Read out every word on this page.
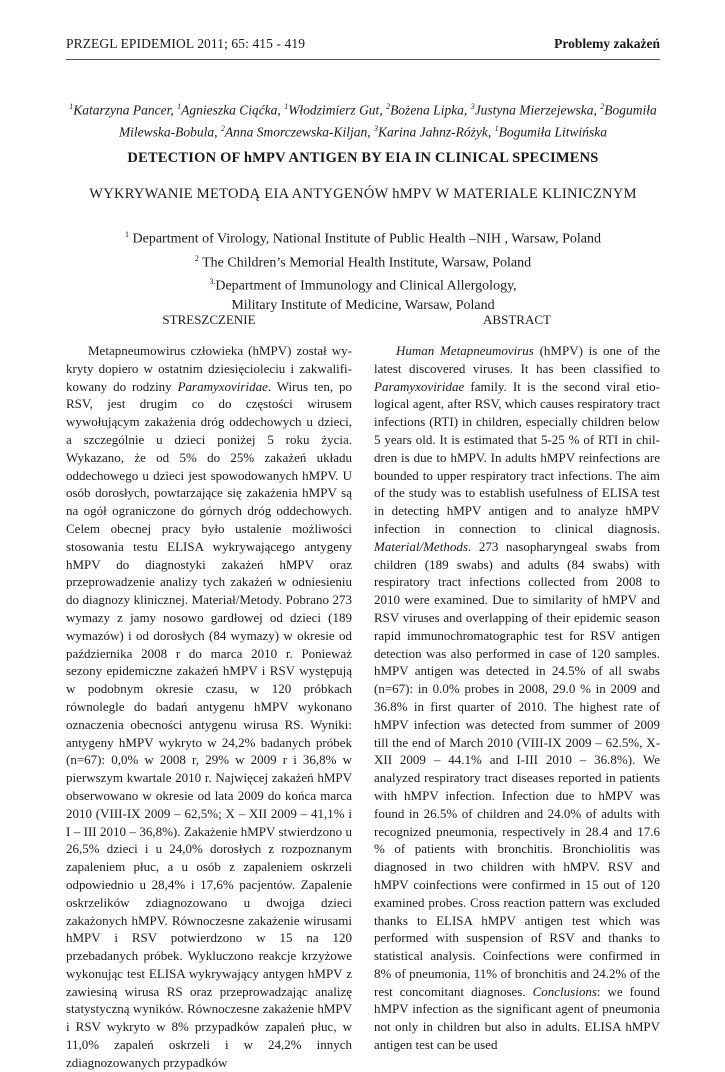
PRZEGL EPIDEMIOL 2011; 65: 415 - 419	Problemy zakażeń
$^1$Katarzyna Pancer, $^1$Agnieszka Ciąćka, $^1$Włodzimierz Gut, $^2$Bożena Lipka, $^3$Justyna Mierzejewska, $^2$Bogumiła
Milewska-Bobula, $^2$Anna Smorczewska-Kiljan, $^3$Karina Jahnz-Różyk, $^1$Bogumiła Litwińska
DETECTION OF hMPV ANTIGEN BY EIA IN CLINICAL SPECIMENS
WYKRYWANIE METODĄ EIA ANTYGENÓW hMPV W MATERIALE KLINICZNYM
$^1$ Department of Virology, National Institute of Public Health –NIH , Warsaw, Poland
$^2$ The Children’s Memorial Health Institute, Warsaw, Poland
$^{3.}$Department of Immunology and Clinical Allergology,
Military Institute of Medicine, Warsaw, Poland
STRESZCZENIE	ABSTRACT

Metapneumowirus człowieka (hMPV) został wykryty dopiero w ostatnim dziesięcioleciu i zakwalifikowany do rodziny Paramyxoviridae. Wirus ten, po RSV, jest drugim co do częstości wirusem wywołującym zakażenia dróg oddechowych u dzieci, a szczególnie u dzieci poniżej 5 roku życia. Wykazano, że od 5% do 25% zakażeń układu oddechowego u dzieci jest spowodowanych hMPV. U osób dorosłych, powtarzające się zakażenia hMPV są na ogół ograniczone do górnych dróg oddechowych. Celem obecnej pracy było ustalenie możliwości stosowania testu ELISA wykrywającego antygeny hMPV do diagnostyki zakażeń hMPV oraz przeprowadzenie analizy tych zakażeń w odniesieniu do diagnozy klinicznej. Materiał/Metody. Pobrano 273 wymazy z jamy nosowo gardłowej od dzieci (189 wymazów) i od dorosłych (84 wymazy) w okresie od października 2008 r do marca 2010 r. Ponieważ sezony epidemiczne zakażeń hMPV i RSV występują w podobnym okresie czasu, w 120 próbkach równolegle do badań antygenu hMPV wykonano oznaczenia obecności antygenu wirusa RS. Wyniki: antygeny hMPV wykryto w 24,2% badanych próbek (n=67): 0,0% w 2008 r, 29% w 2009 r i 36,8% w pierwszym kwartale 2010 r. Najwięcej zakażeń hMPV obserwowano w okresie od lata 2009 do końca marca 2010 (VIII-IX 2009 – 62,5%; X – XII 2009 – 41,1% i I – III 2010 – 36,8%). Zakażenie hMPV stwierdzono u 26,5% dzieci i u 24,0% dorosłych z rozpoznanym zapaleniem płuc, a u osób z zapaleniem oskrzeli odpowiednio u 28,4% i 17,6% pacjentów. Zapalenie oskrzelików zdiagnozowano u dwojga dzieci zakażonych hMPV. Równoczesne zakażenie wirusami hMPV i RSV potwierdzono w 15 na 120 przebadanych próbek. Wykluczono reakcje krzyżowe wykonując test ELISA wykrywający antygen hMPV z zawiesiną wirusa RS oraz przeprowadzając analizę statystyczną wyników. Równoczesne zakażenie hMPV i RSV wykryto w 8% przypadków zapaleń płuc, w 11,0% zapaleń oskrzeli i w 24,2% innych zdiagnozowanych przypadków

Human Metapneumovirus (hMPV) is one of the latest discovered viruses. It has been classified to Paramyxoviridae family. It is the second viral etiological agent, after RSV, which causes respiratory tract infections (RTI) in children, especially children below 5 years old. It is estimated that 5-25 % of RTI in children is due to hMPV. In adults hMPV reinfections are bounded to upper respiratory tract infections. The aim of the study was to establish usefulness of ELISA test in detecting hMPV antigen and to analyze hMPV infection in connection to clinical diagnosis. Material/Methods. 273 nasopharyngeal swabs from children (189 swabs) and adults (84 swabs) with respiratory tract infections collected from 2008 to 2010 were examined. Due to similarity of hMPV and RSV viruses and overlapping of their epidemic season rapid immunochromatographic test for RSV antigen detection was also performed in case of 120 samples. hMPV antigen was detected in 24.5% of all swabs (n=67): in 0.0% probes in 2008, 29.0 % in 2009 and 36.8% in first quarter of 2010. The highest rate of hMPV infection was detected from summer of 2009 till the end of March 2010 (VIII-IX 2009 – 62.5%, X-XII 2009 – 44.1% and I-III 2010 – 36.8%). We analyzed respiratory tract diseases reported in patients with hMPV infection. Infection due to hMPV was found in 26.5% of children and 24.0% of adults with recognized pneumonia, respectively in 28.4 and 17.6 % of patients with bronchitis. Bronchiolitis was diagnosed in two children with hMPV. RSV and hMPV coinfections were confirmed in 15 out of 120 examined probes. Cross reaction pattern was excluded thanks to ELISA hMPV antigen test which was performed with suspension of RSV and thanks to statistical analysis. Coinfections were confirmed in 8% of pneumonia, 11% of bronchitis and 24.2% of the rest concomitant diagnoses. Conclusions: we found hMPV infection as the significant agent of pneumonia not only in children but also in adults. ELISA hMPV antigen test can be used
